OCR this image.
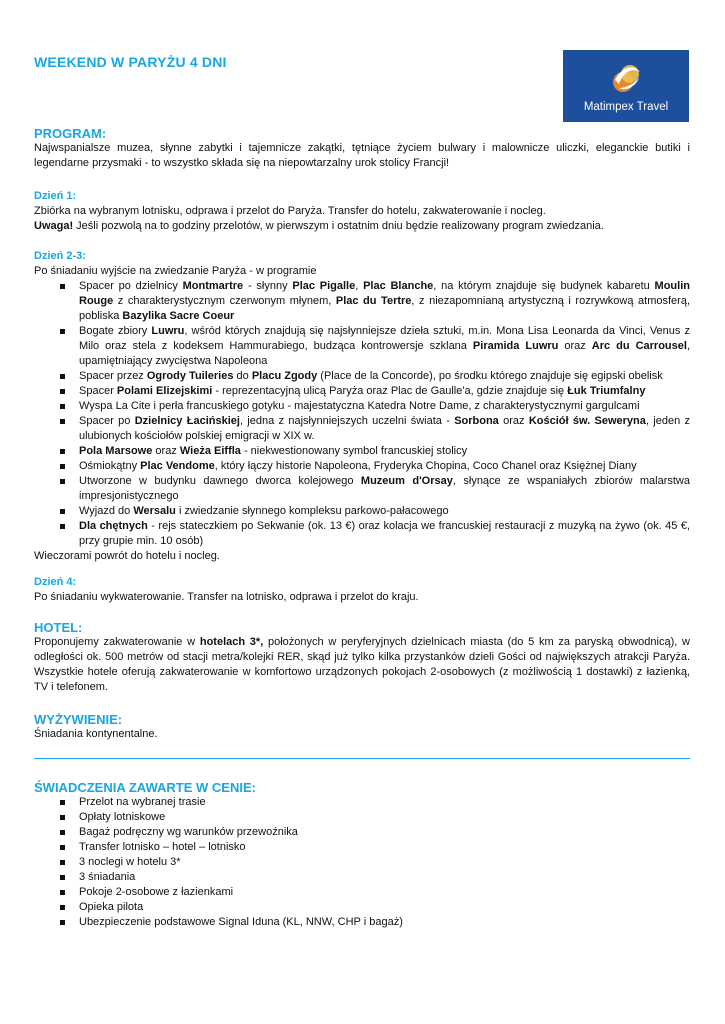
WEEKEND W PARYŻU 4 DNI
Matimpex Travel
PROGRAM:

Najwspanialsze muzea, słynne zabytki i tajemnicze zakątki, tętniące życiem bulwary i malownicze uliczki, eleganckie butiki i legendarne przysmaki - to wszystko składa się na niepowtarzalny urok stolicy Francji!

Dzień 1:

Zbiórka na wybranym lotnisku, odprawa i przelot do Paryża. Transfer do hotelu, zakwaterowanie i nocleg.

Uwaga! Jeśli pozwolą na to godziny przelotów, w pierwszym i ostatnim dniu będzie realizowany program zwiedzania.

Dzień 2-3:

Po śniadaniu wyjście na zwiedzanie Paryża - w programie

Spacer po dzielnicy Montmartre - słynny Plac Pigalle, Plac Blanche, na którym znajduje się budynek kabaretu Moulin Rouge z charakterystycznym czerwonym młynem, Plac du Tertre, z niezapomnianą artystyczną i rozrywkową atmosferą, pobliska Bazylika Sacre Coeur
Bogate zbiory Luwru, wśród których znajdują się najsłynniejsze dzieła sztuki, m.in. Mona Lisa Leonarda da Vinci, Venus z Milo oraz stela z kodeksem Hammurabiego, budząca kontrowersje szklana Piramida Luwru oraz Arc du Carrousel, upamiętniający zwycięstwa Napoleona
Spacer przez Ogrody Tuileries do Placu Zgody (Place de la Concorde), po środku którego znajduje się egipski obelisk
Spacer Polami Elizejskimi - reprezentacyjną ulicą Paryża oraz Plac de Gaulle'a, gdzie znajduje się Łuk Triumfalny
Wyspa La Cite i perła francuskiego gotyku - majestatyczna Katedra Notre Dame, z charakterystycznymi gargulcami
Spacer po Dzielnicy Łacińskiej, jedna z najsłynniejszych uczelni świata - Sorbona oraz Kościół św. Seweryna, jeden z ulubionych kościołów polskiej emigracji w XIX w.
Pola Marsowe oraz Wieża Eiffla - niekwestionowany symbol francuskiej stolicy
Ośmiokątny Plac Vendome, który łączy historie Napoleona, Fryderyka Chopina, Coco Chanel oraz Księżnej Diany
Utworzone w budynku dawnego dworca kolejowego Muzeum d'Orsay, słynące ze wspaniałych zbiorów malarstwa impresjonistycznego
Wyjazd do Wersalu i zwiedzanie słynnego kompleksu parkowo-pałacowego
Dla chętnych - rejs stateczkiem po Sekwanie (ok. 13 €) oraz kolacja we francuskiej restauracji z muzyką na żywo (ok. 45 €, przy grupie min. 10 osób)

Wieczorami powrót do hotelu i nocleg.

Dzień 4:

Po śniadaniu wykwaterowanie. Transfer na lotnisko, odprawa i przelot do kraju.

HOTEL:

Proponujemy zakwaterowanie w hotelach 3*, położonych w peryferyjnych dzielnicach miasta (do 5 km za paryską obwodnicą), w odległości ok. 500 metrów od stacji metra/kolejki RER, skąd już tylko kilka przystanków dzieli Gości od największych atrakcji Paryża. Wszystkie hotele oferują zakwaterowanie w komfortowo urządzonych pokojach 2-osobowych (z możliwością 1 dostawki) z łazienką, TV i telefonem.

WYŻYWIENIE:

Śniadania kontynentalne.

ŚWIADCZENIA ZAWARTE W CENIE:
Przelot na wybranej trasie
Opłaty lotniskowe
Bagaż podręczny wg warunków przewoźnika
Transfer lotnisko – hotel – lotnisko
3 noclegi w hotelu 3*
3 śniadania
Pokoje 2-osobowe z łazienkami
Opieka pilota
Ubezpieczenie podstawowe Signal Iduna (KL, NNW, CHP i bagaż)
